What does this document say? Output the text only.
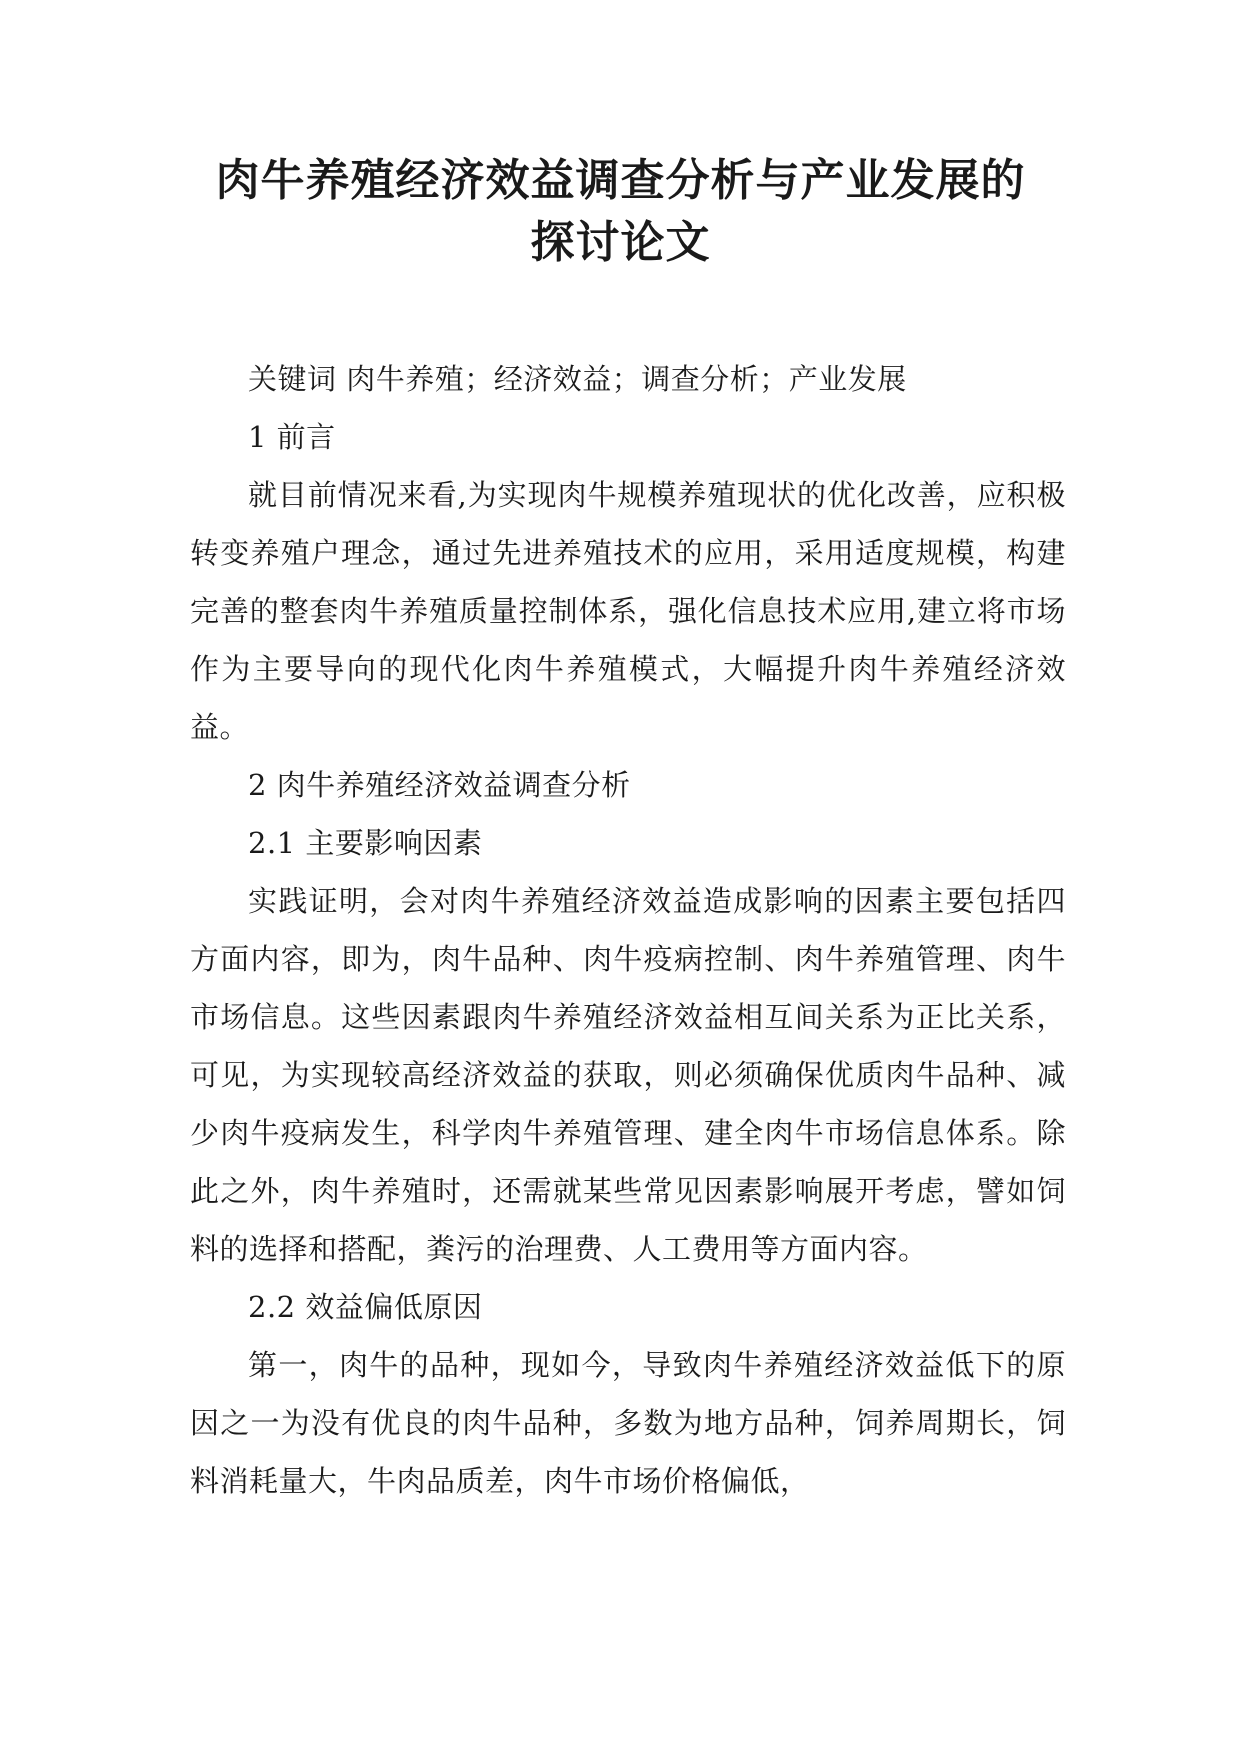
肉牛养殖经济效益调查分析与产业发展的
探讨论文

关键词 肉牛养殖；经济效益；调查分析；产业发展

1 前言

就目前情况来看,为实现肉牛规模养殖现状的优化改善，应积极转变养殖户理念，通过先进养殖技术的应用，采用适度规模，构建完善的整套肉牛养殖质量控制体系，强化信息技术应用,建立将市场作为主要导向的现代化肉牛养殖模式，大幅提升肉牛养殖经济效益。

2 肉牛养殖经济效益调查分析

2.1 主要影响因素

实践证明，会对肉牛养殖经济效益造成影响的因素主要包括四方面内容，即为，肉牛品种、肉牛疫病控制、肉牛养殖管理、肉牛市场信息。这些因素跟肉牛养殖经济效益相互间关系为正比关系，可见，为实现较高经济效益的获取，则必须确保优质肉牛品种、减少肉牛疫病发生，科学肉牛养殖管理、建全肉牛市场信息体系。除此之外，肉牛养殖时，还需就某些常见因素影响展开考虑，譬如饲料的选择和搭配，粪污的治理费、人工费用等方面内容。

2.2 效益偏低原因

第一，肉牛的品种，现如今，导致肉牛养殖经济效益低下的原因之一为没有优良的肉牛品种，多数为地方品种，饲养周期长，饲料消耗量大，牛肉品质差，肉牛市场价格偏低，
